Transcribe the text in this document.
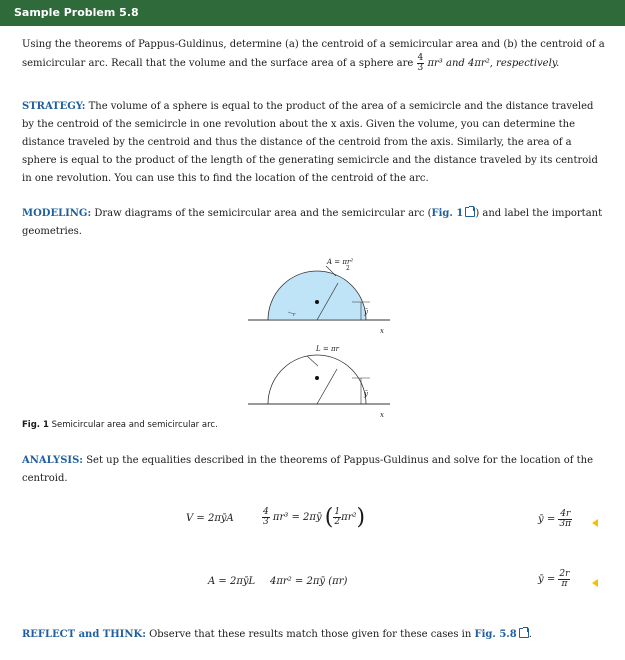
Sample Problem 5.8

Using the theorems of Pappus-Guldinus, determine (a) the centroid of a semicircular area and (b) the centroid of a semicircular arc. Recall that the volume and the surface area of a sphere are $\frac{4}{3} \pi r^3$ and 4πr², respectively.

STRATEGY: The volume of a sphere is equal to the product of the area of a semicircle and the distance traveled by the centroid of the semicircle in one revolution about the x axis. Given the volume, you can determine the distance traveled by the centroid and thus the distance of the centroid from the axis. Similarly, the area of a sphere is equal to the product of the length of the generating semicircle and the distance traveled by its centroid in one revolution. You can use this to find the location of the centroid of the arc.

MODELING: Draw diagrams of the semicircular area and the semicircular arc (Fig. 1 ) and label the important geometries.

A = πr²
2
ȳ
x
r
L = πr
ȳ
x
Fig. 1 Semicircular area and semicircular arc.

ANALYSIS: Set up the equalities described in the theorems of Pappus-Guldinus and solve for the location of the centroid.

V = 2πȳA	$\frac{4}{3} \pi r^3$ = 2πȳ ( $\frac{1}{2} \pi r^2$)	ȳ = $\frac{4r}{3\pi}$
A = 2πȳL 4πr² = 2πȳ (πr)	ȳ = $\frac{2r}{\pi}$

REFLECT and THINK: Observe that these results match those given for these cases in Fig. 5.8 .
